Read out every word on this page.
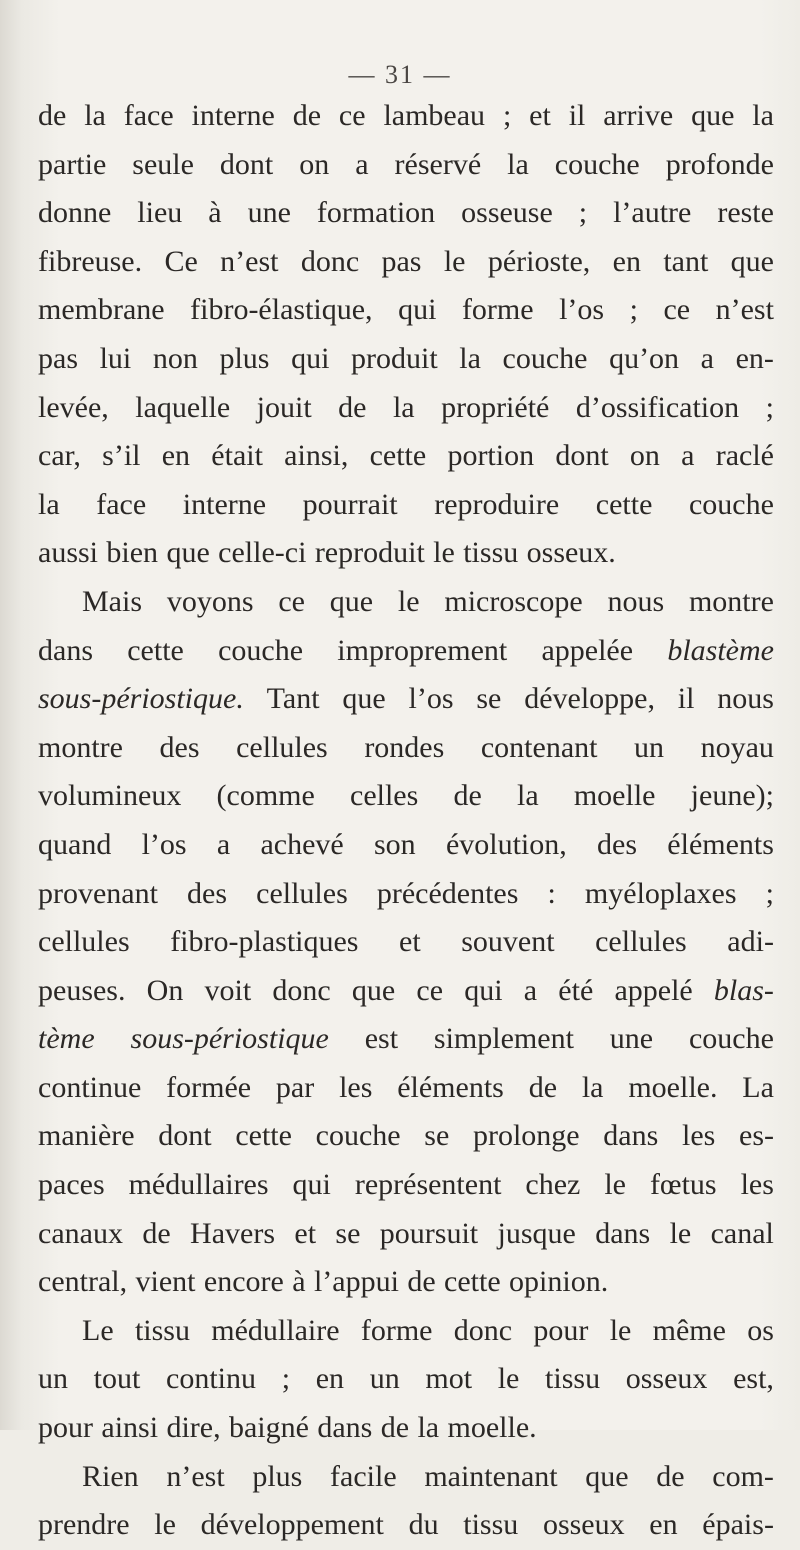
— 31 —
de la face interne de ce lambeau ; et il arrive que la
partie seule dont on a réservé la couche profonde
donne lieu à une formation osseuse ; l’autre reste
fibreuse. Ce n’est donc pas le périoste, en tant que
membrane fibro-élastique, qui forme l’os ; ce n’est
pas lui non plus qui produit la couche qu’on a en-
levée, laquelle jouit de la propriété d’ossification ;
car, s’il en était ainsi, cette portion dont on a raclé
la face interne pourrait reproduire cette couche
aussi bien que celle-ci reproduit le tissu osseux.
Mais voyons ce que le microscope nous montre
dans cette couche improprement appelée blastème
sous-périostique. Tant que l’os se développe, il nous
montre des cellules rondes contenant un noyau
volumineux (comme celles de la moelle jeune);
quand l’os a achevé son évolution, des éléments
provenant des cellules précédentes : myéloplaxes ;
cellules fibro-plastiques et souvent cellules adi-
peuses. On voit donc que ce qui a été appelé blas-
tème sous-périostique est simplement une couche
continue formée par les éléments de la moelle. La
manière dont cette couche se prolonge dans les es-
paces médullaires qui représentent chez le fœtus les
canaux de Havers et se poursuit jusque dans le canal
central, vient encore à l’appui de cette opinion.
Le tissu médullaire forme donc pour le même os
un tout continu ; en un mot le tissu osseux est,
pour ainsi dire, baigné dans de la moelle.
Rien n’est plus facile maintenant que de com-
prendre le développement du tissu osseux en épais-
